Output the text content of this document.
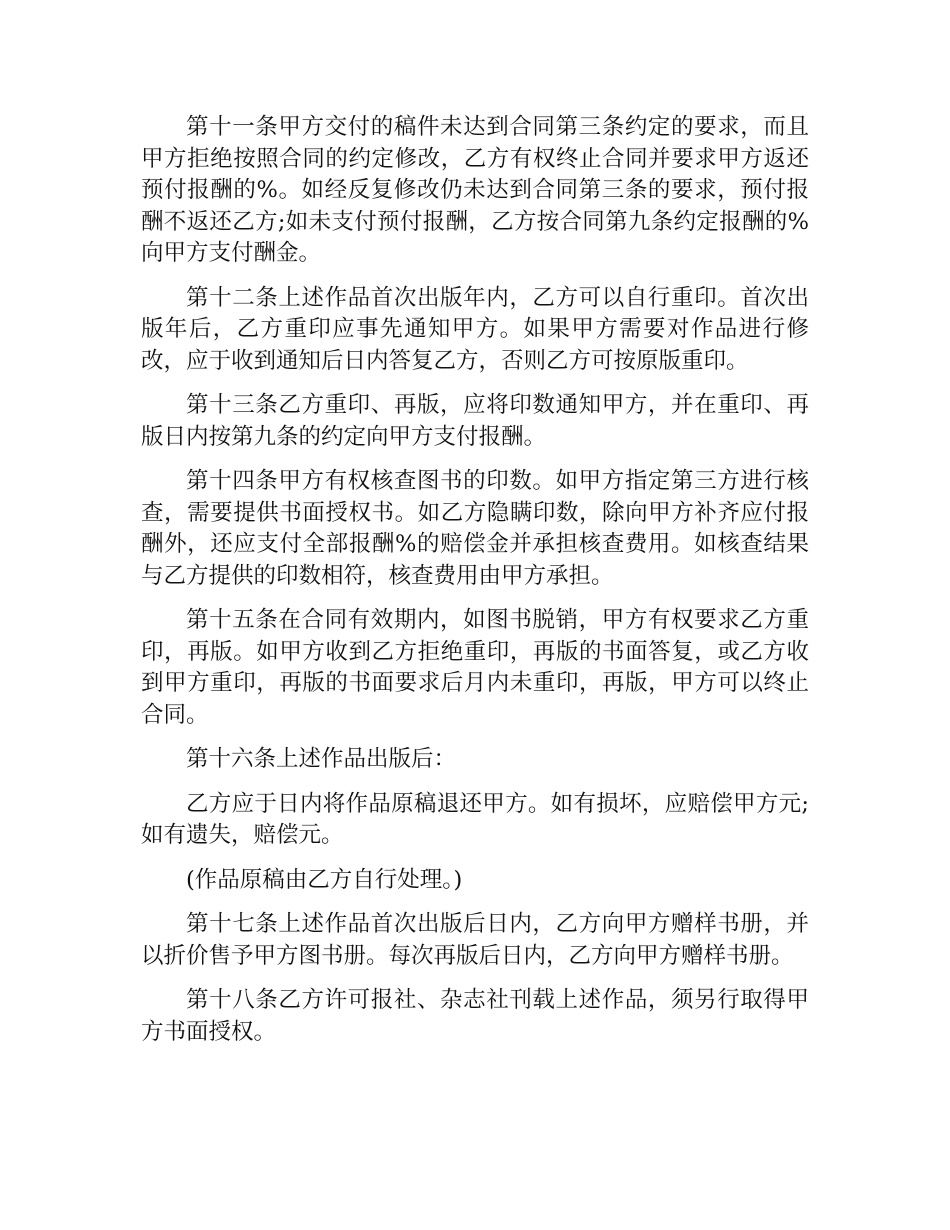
第十一条甲方交付的稿件未达到合同第三条约定的要求，而且甲方拒绝按照合同的约定修改，乙方有权终止合同并要求甲方返还预付报酬的%。如经反复修改仍未达到合同第三条的要求，预付报酬不返还乙方;如未支付预付报酬，乙方按合同第九条约定报酬的%向甲方支付酬金。

第十二条上述作品首次出版年内，乙方可以自行重印。首次出版年后，乙方重印应事先通知甲方。如果甲方需要对作品进行修改，应于收到通知后日内答复乙方，否则乙方可按原版重印。

第十三条乙方重印、再版，应将印数通知甲方，并在重印、再版日内按第九条的约定向甲方支付报酬。

第十四条甲方有权核查图书的印数。如甲方指定第三方进行核查，需要提供书面授权书。如乙方隐瞒印数，除向甲方补齐应付报酬外，还应支付全部报酬%的赔偿金并承担核查费用。如核查结果与乙方提供的印数相符，核查费用由甲方承担。

第十五条在合同有效期内，如图书脱销，甲方有权要求乙方重印，再版。如甲方收到乙方拒绝重印，再版的书面答复，或乙方收到甲方重印，再版的书面要求后月内未重印，再版，甲方可以终止合同。

第十六条上述作品出版后：

乙方应于日内将作品原稿退还甲方。如有损坏，应赔偿甲方元;如有遗失，赔偿元。

(作品原稿由乙方自行处理。)

第十七条上述作品首次出版后日内，乙方向甲方赠样书册，并以折价售予甲方图书册。每次再版后日内，乙方向甲方赠样书册。

第十八条乙方许可报社、杂志社刊载上述作品，须另行取得甲方书面授权。
